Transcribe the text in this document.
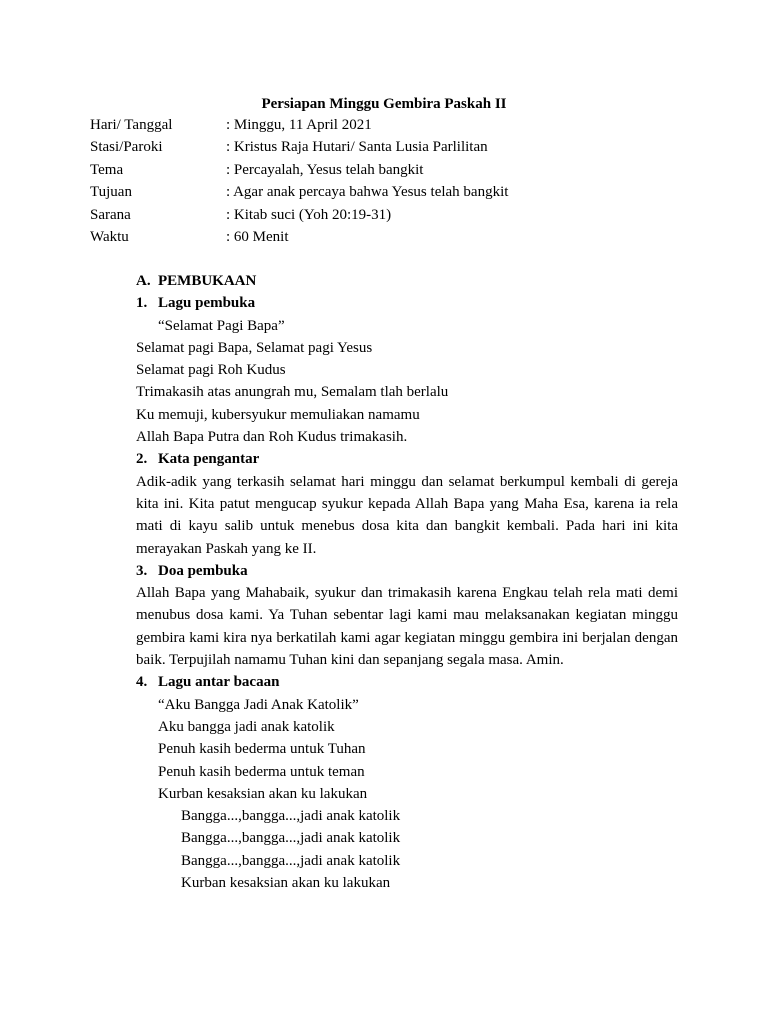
Persiapan Minggu Gembira Paskah II
Hari/ Tanggal	: Minggu, 11 April 2021
Stasi/Paroki	: Kristus Raja Hutari/ Santa Lusia Parlilitan
Tema	: Percayalah, Yesus telah bangkit
Tujuan	: Agar anak percaya bahwa Yesus telah bangkit
Sarana	: Kitab suci (Yoh 20:19-31)
Waktu	: 60 Menit
A. PEMBUKAAN
1. Lagu pembuka
“Selamat Pagi Bapa”
Selamat pagi Bapa, Selamat pagi Yesus
Selamat pagi Roh Kudus
Trimakasih atas anungrah mu, Semalam tlah berlalu
Ku memuji, kubersyukur memuliakan namamu
Allah Bapa Putra dan Roh Kudus trimakasih.
2. Kata pengantar
Adik-adik yang terkasih selamat hari minggu dan selamat berkumpul kembali di gereja kita ini. Kita patut mengucap syukur kepada Allah Bapa yang Maha Esa, karena ia rela mati di kayu salib untuk menebus dosa kita dan bangkit kembali. Pada hari ini kita merayakan Paskah yang ke II.
3. Doa pembuka
Allah Bapa yang Mahabaik, syukur dan trimakasih karena Engkau telah rela mati demi menubus dosa kami. Ya Tuhan sebentar lagi kami mau melaksanakan kegiatan minggu gembira kami kira nya berkatilah kami agar kegiatan minggu gembira ini berjalan dengan baik. Terpujilah namamu Tuhan kini dan sepanjang segala masa. Amin.
4. Lagu antar bacaan
“Aku Bangga Jadi Anak Katolik”
Aku bangga jadi anak katolik
Penuh kasih bederma untuk Tuhan
Penuh kasih bederma untuk teman
Kurban kesaksian akan ku lakukan
Bangga...,bangga...,jadi anak katolik
Bangga...,bangga...,jadi anak katolik
Bangga...,bangga...,jadi anak katolik
Kurban kesaksian akan ku lakukan
